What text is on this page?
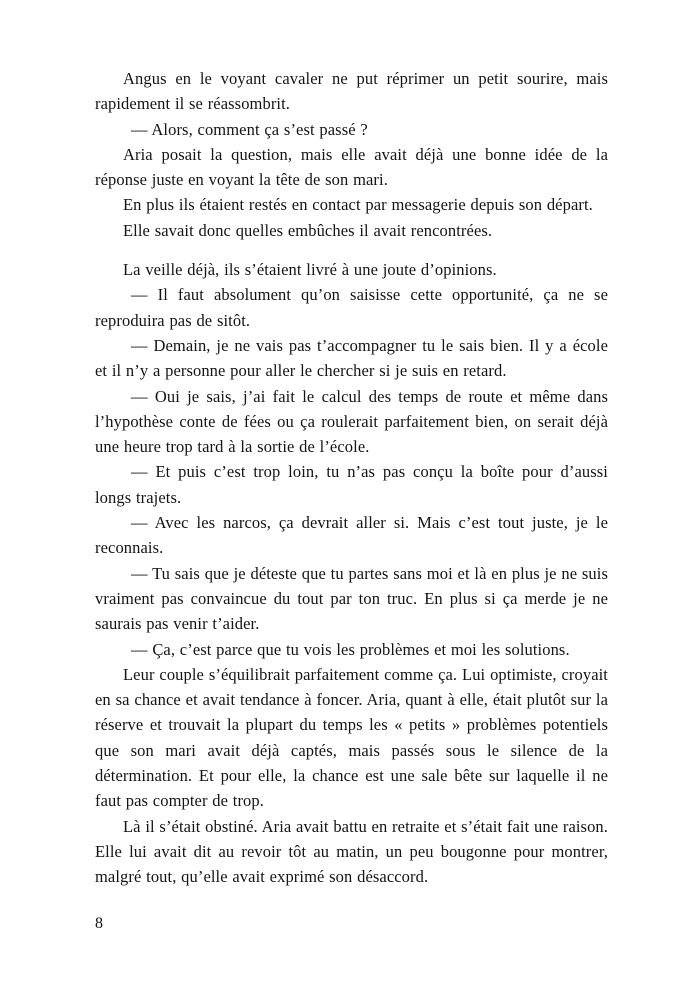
Angus en le voyant cavaler ne put réprimer un petit sourire, mais rapidement il se réassombrit.

— Alors, comment ça s’est passé ?

Aria posait la question, mais elle avait déjà une bonne idée de la réponse juste en voyant la tête de son mari.

En plus ils étaient restés en contact par messagerie depuis son départ.

Elle savait donc quelles embûches il avait rencontrées.

La veille déjà, ils s’étaient livré à une joute d’opinions.

— Il faut absolument qu’on saisisse cette opportunité, ça ne se reproduira pas de sitôt.

— Demain, je ne vais pas t’accompagner tu le sais bien. Il y a école et il n’y a personne pour aller le chercher si je suis en retard.

— Oui je sais, j’ai fait le calcul des temps de route et même dans l’hypothèse conte de fées ou ça roulerait parfaitement bien, on serait déjà une heure trop tard à la sortie de l’école.

— Et puis c’est trop loin, tu n’as pas conçu la boîte pour d’aussi longs trajets.

— Avec les narcos, ça devrait aller si. Mais c’est tout juste, je le reconnais.

— Tu sais que je déteste que tu partes sans moi et là en plus je ne suis vraiment pas convaincue du tout par ton truc. En plus si ça merde je ne saurais pas venir t’aider.

— Ça, c’est parce que tu vois les problèmes et moi les solutions.

Leur couple s’équilibrait parfaitement comme ça. Lui optimiste, croyait en sa chance et avait tendance à foncer. Aria, quant à elle, était plutôt sur la réserve et trouvait la plupart du temps les « petits » problèmes potentiels que son mari avait déjà captés, mais passés sous le silence de la détermination. Et pour elle, la chance est une sale bête sur laquelle il ne faut pas compter de trop.

Là il s’était obstiné. Aria avait battu en retraite et s’était fait une raison. Elle lui avait dit au revoir tôt au matin, un peu bougonne pour montrer, malgré tout, qu’elle avait exprimé son désaccord.

8
